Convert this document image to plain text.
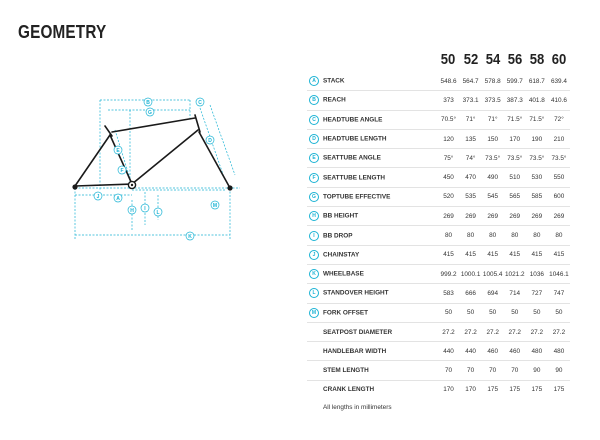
GEOMETRY
A
B	C
D
E
F
G
H I
J
K
L
M
	50	52	54	56	58	60
A STACK	548.6	564.7	578.8	599.7	618.7	639.4
B REACH	373	373.1	373.5	387.3	401.8	410.6
C HEADTUBE ANGLE	70.5°	71°	71°	71.5°	71.5°	72°
D HEADTUBE LENGTH	120	135	150	170	190	210
E SEATTUBE ANGLE	75°	74°	73.5°	73.5°	73.5°	73.5°
F SEATTUBE LENGTH	450	470	490	510	530	550
G TOPTUBE EFFECTIVE	520	535	545	565	585	600
H BB HEIGHT	269	269	269	269	269	269
I BB DROP	80	80	80	80	80	80
J CHAINSTAY	415	415	415	415	415	415
K WHEELBASE	999.2	1000.1	1005.4	1021.2	1036	1046.1
L STANDOVER HEIGHT	583	666	694	714	727	747
M FORK OFFSET	50	50	50	50	50	50
SEATPOST DIAMETER	27.2	27.2	27.2	27.2	27.2	27.2
HANDLEBAR WIDTH	440	440	460	460	480	480
STEM LENGTH	70	70	70	70	90	90
CRANK LENGTH	170	170	175	175	175	175
All lengths in millimeters
